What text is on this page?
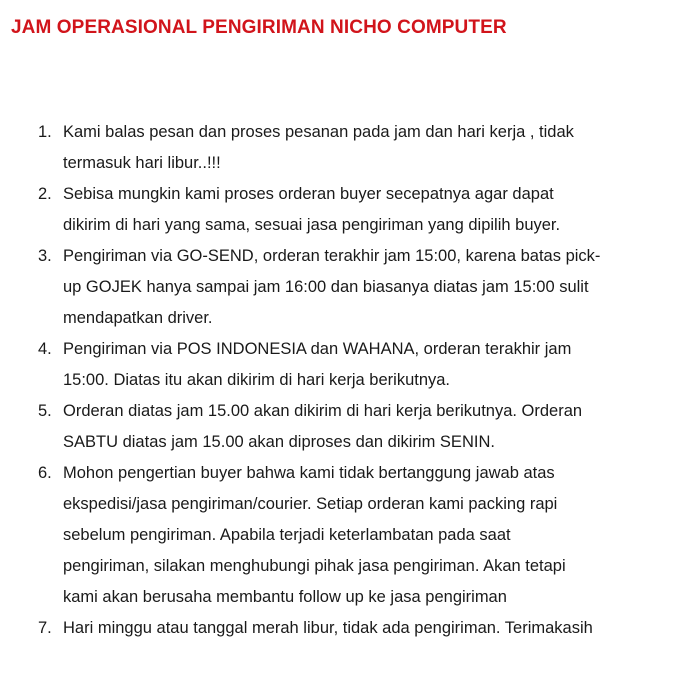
JAM OPERASIONAL PENGIRIMAN NICHO COMPUTER
1. Kami balas pesan dan proses pesanan pada jam dan hari kerja , tidak
termasuk hari libur..!!!
2. Sebisa mungkin kami proses orderan buyer secepatnya agar dapat
dikirim di hari yang sama, sesuai jasa pengiriman yang dipilih buyer.
3. Pengiriman via GO-SEND, orderan terakhir jam 15:00, karena batas pick-
up GOJEK hanya sampai jam 16:00 dan biasanya diatas jam 15:00 sulit
mendapatkan driver.
4. Pengiriman via POS INDONESIA dan WAHANA, orderan terakhir jam
15:00. Diatas itu akan dikirim di hari kerja berikutnya.
5. Orderan diatas jam 15.00 akan dikirim di hari kerja berikutnya. Orderan
SABTU diatas jam 15.00 akan diproses dan dikirim SENIN.
6. Mohon pengertian buyer bahwa kami tidak bertanggung jawab atas
ekspedisi/jasa pengiriman/courier. Setiap orderan kami packing rapi
sebelum pengiriman. Apabila terjadi keterlambatan pada saat
pengiriman, silakan menghubungi pihak jasa pengiriman. Akan tetapi
kami akan berusaha membantu follow up ke jasa pengiriman
7. Hari minggu atau tanggal merah libur, tidak ada pengiriman. Terimakasih
